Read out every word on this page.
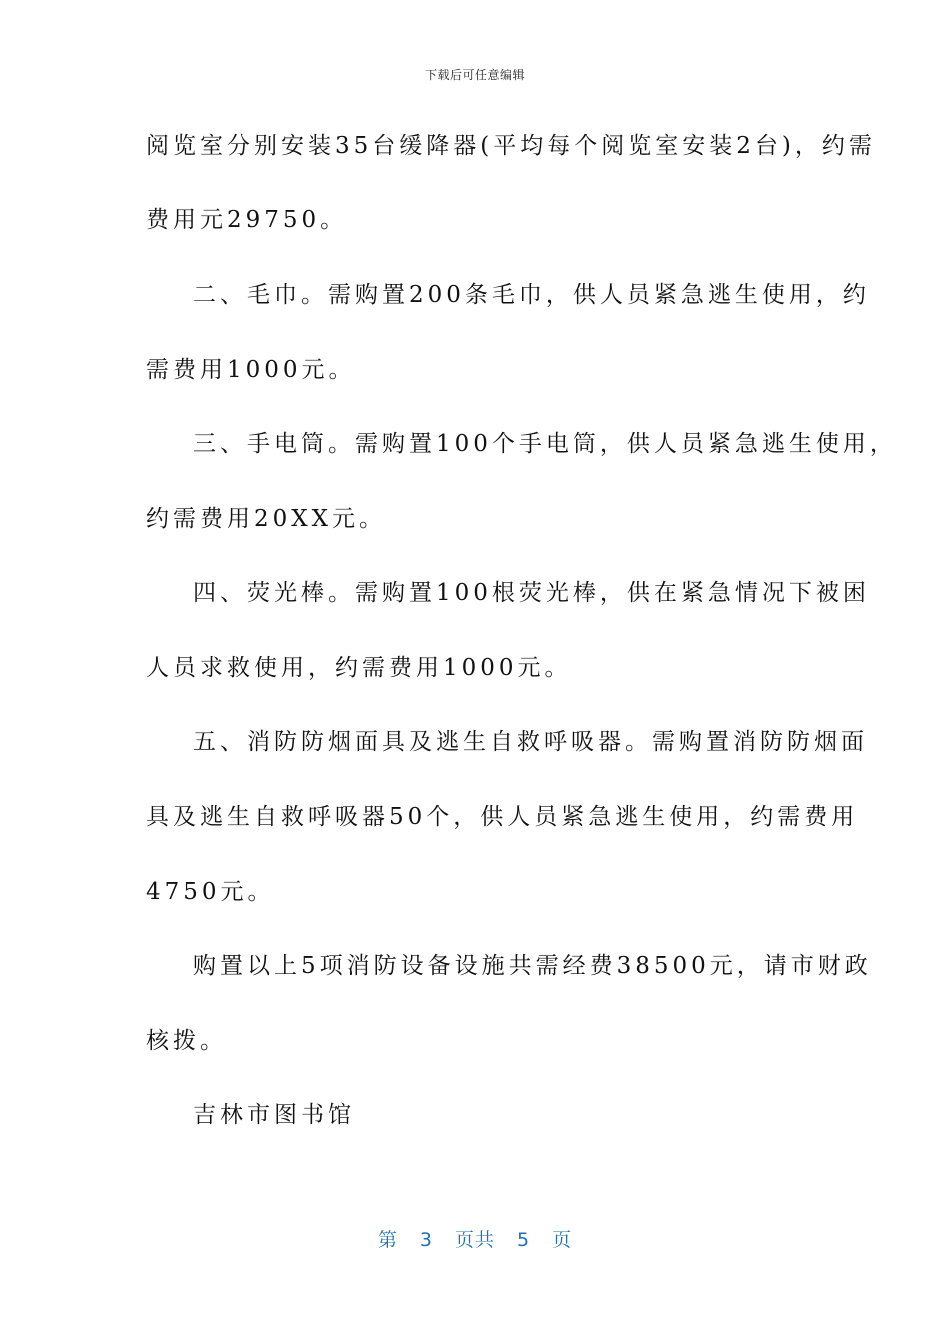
下载后可任意编辑
阅览室分别安装35台缓降器(平均每个阅览室安装2台)，约需
费用元29750。
二、毛巾。需购置200条毛巾，供人员紧急逃生使用，约
需费用1000元。
三、手电筒。需购置100个手电筒，供人员紧急逃生使用，
约需费用20XX元。
四、荧光棒。需购置100根荧光棒，供在紧急情况下被困
人员求救使用，约需费用1000元。
五、消防防烟面具及逃生自救呼吸器。需购置消防防烟面
具及逃生自救呼吸器50个，供人员紧急逃生使用，约需费用
4750元。
购置以上5项消防设备设施共需经费38500元，请市财政
核拨。
吉林市图书馆
第 3 页共 5 页
